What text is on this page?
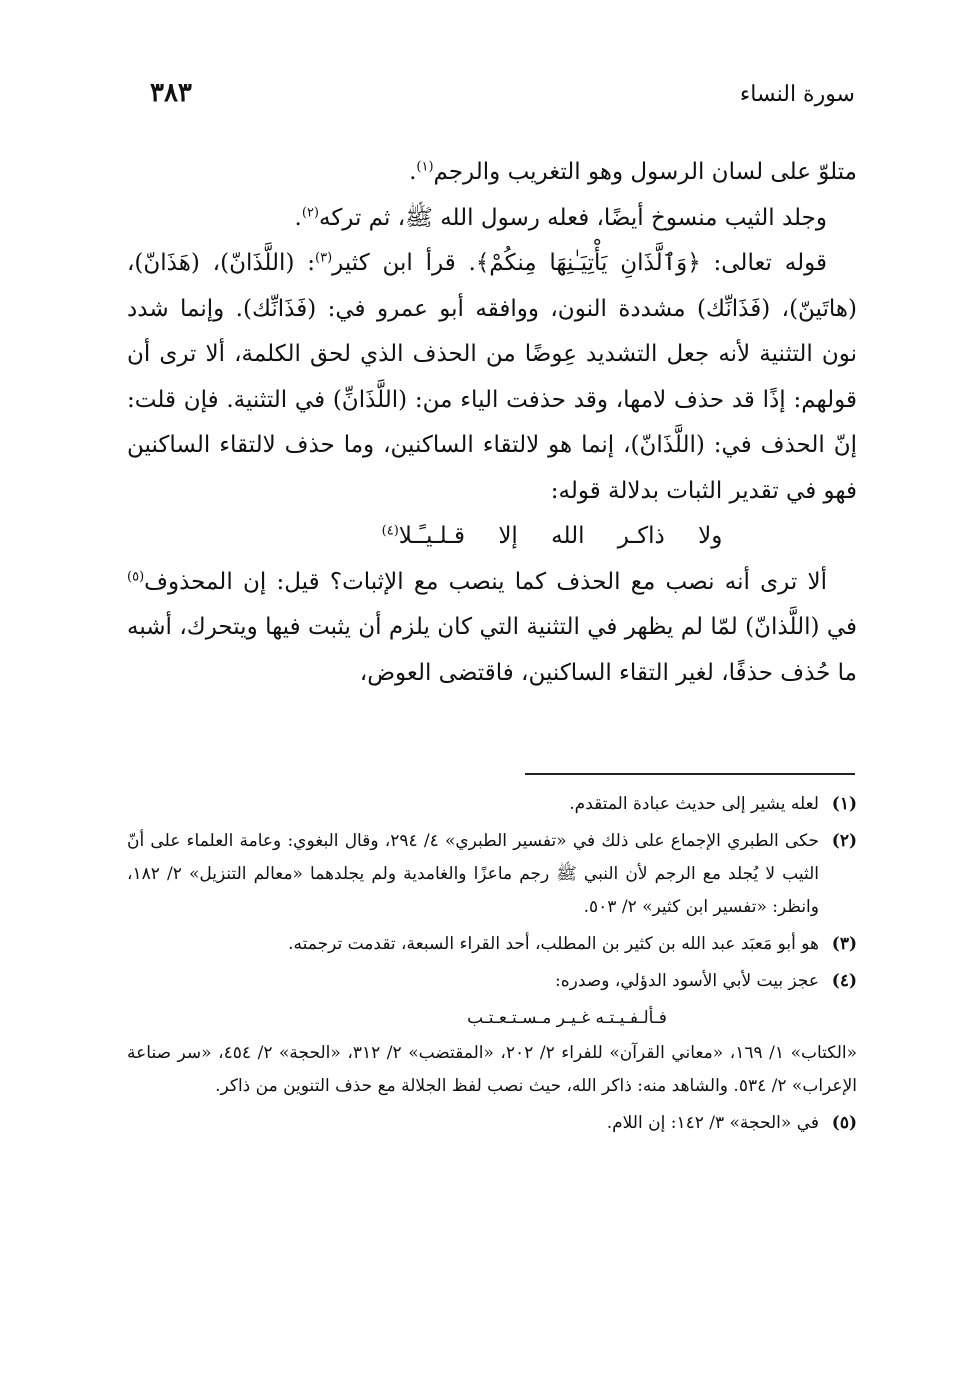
سورة النساء
٣٨٣

متلوّ على لسان الرسول وهو التغريب والرجم$^{(١)}$.

وجلد الثيب منسوخ أيضًا، فعله رسول الله ﷺ، ثم تركه$^{(٢)}$.

قوله تعالى: ﴿وَٱلَّذَانِ يَأْتِيَـٰنِهَا مِنكُمْ﴾. قرأ ابن كثير$^{(٣)}$: (اللَّذَانّ)، (هَذَانّ)، (هاتَينّ)، (فَذَانِّك) مشددة النون، ووافقه أبو عمرو في: (فَذَانِّك). وإنما شدد نون التثنية لأنه جعل التشديد عِوضًا من الحذف الذي لحق الكلمة، ألا ترى أن قولهم: إذًا قد حذف لامها، وقد حذفت الياء من: (اللَّذَانِّ) في التثنية. فإن قلت: إنّ الحذف في: (اللَّذَانّ)، إنما هو لالتقاء الساكنين، وما حذف لالتقاء الساكنين فهو في تقدير الثبات بدلالة قوله:

ولا ذاكـر الله إلا قـلـيـًـلا$^{(٤)}$

ألا ترى أنه نصب مع الحذف كما ينصب مع الإثبات؟ قيل: إن المحذوف$^{(٥)}$ في (اللَّذانّ) لمّا لم يظهر في التثنية التي كان يلزم أن يثبت فيها ويتحرك، أشبه ما حُذف حذفًا، لغير التقاء الساكنين، فاقتضى العوض،

(١)
لعله يشير إلى حديث عبادة المتقدم.
(٢)
حكى الطبري الإجماع على ذلك في «تفسير الطبري» ٤/ ٢٩٤، وقال البغوي: وعامة العلماء على أنّ الثيب لا يُجلد مع الرجم لأن النبي ﷺ رجم ماعزًا والغامدية ولم يجلدهما «معالم التنزيل» ٢/ ١٨٢، وانظر: «تفسير ابن كثير» ٢/ ٥٠٣.
(٣)
هو أبو مَعبَد عبد الله بن كثير بن المطلب، أحد القراء السبعة، تقدمت ترجمته.
(٤)
عجز بيت لأبي الأسود الدؤلي، وصدره:
فـألـفـيـتـه غـيـر مـسـتـعـتـب
«الكتاب» ١/ ١٦٩، «معاني القرآن» للفراء ٢/ ٢٠٢، «المقتضب» ٢/ ٣١٢، «الحجة» ٢/ ٤٥٤، «سر صناعة الإعراب» ٢/ ٥٣٤. والشاهد منه: ذاكر الله، حيث نصب لفظ الجلالة مع حذف التنوين من ذاكر.
(٥)
في «الحجة» ٣/ ١٤٢: إن اللام.
